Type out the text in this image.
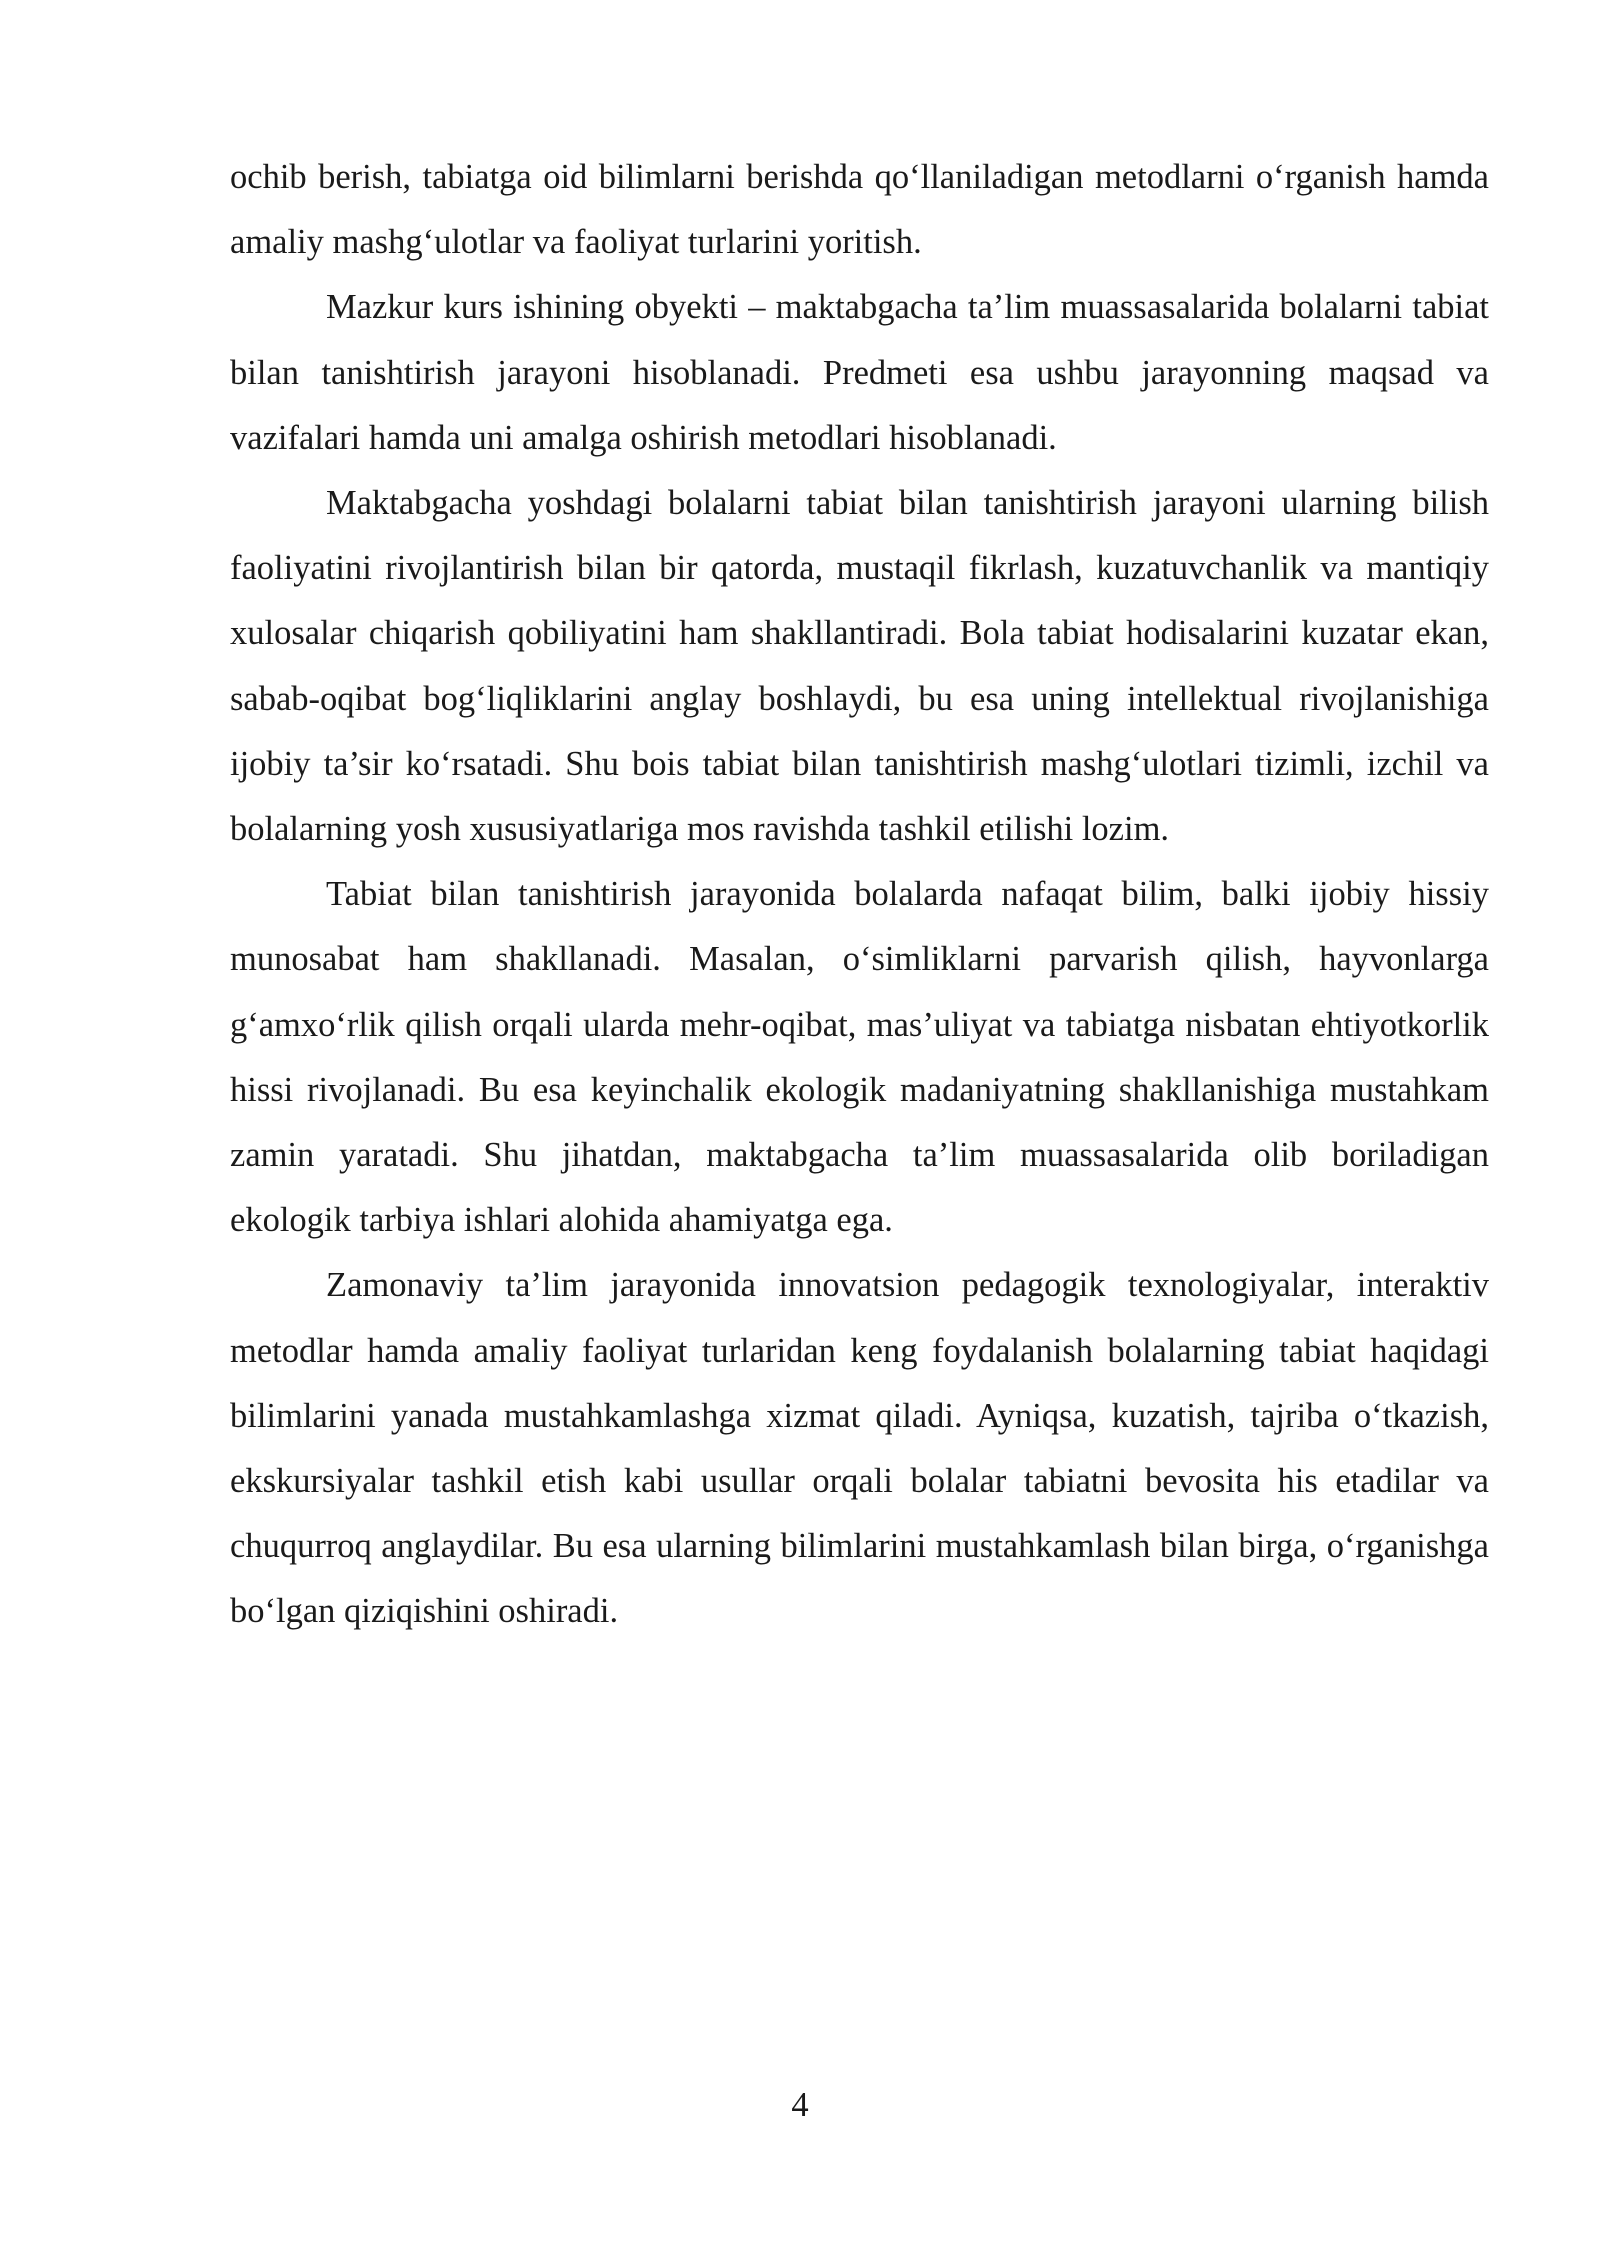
ochib berish, tabiatga oid bilimlarni berishda qo‘llaniladigan metodlarni o‘rganish hamda amaliy mashg‘ulotlar va faoliyat turlarini yoritish.

Mazkur kurs ishining obyekti – maktabgacha ta’lim muassasalarida bolalarni tabiat bilan tanishtirish jarayoni hisoblanadi. Predmeti esa ushbu jarayonning maqsad va vazifalari hamda uni amalga oshirish metodlari hisoblanadi.

Maktabgacha yoshdagi bolalarni tabiat bilan tanishtirish jarayoni ularning bilish faoliyatini rivojlantirish bilan bir qatorda, mustaqil fikrlash, kuzatuvchanlik va mantiqiy xulosalar chiqarish qobiliyatini ham shakllantiradi. Bola tabiat hodisalarini kuzatar ekan, sabab-oqibat bog‘liqliklarini anglay boshlaydi, bu esa uning intellektual rivojlanishiga ijobiy ta’sir ko‘rsatadi. Shu bois tabiat bilan tanishtirish mashg‘ulotlari tizimli, izchil va bolalarning yosh xususiyatlariga mos ravishda tashkil etilishi lozim.

Tabiat bilan tanishtirish jarayonida bolalarda nafaqat bilim, balki ijobiy hissiy munosabat ham shakllanadi. Masalan, o‘simliklarni parvarish qilish, hayvonlarga g‘amxo‘rlik qilish orqali ularda mehr-oqibat, mas’uliyat va tabiatga nisbatan ehtiyotkorlik hissi rivojlanadi. Bu esa keyinchalik ekologik madaniyatning shakllanishiga mustahkam zamin yaratadi. Shu jihatdan, maktabgacha ta’lim muassasalarida olib boriladigan ekologik tarbiya ishlari alohida ahamiyatga ega.

Zamonaviy ta’lim jarayonida innovatsion pedagogik texnologiyalar, interaktiv metodlar hamda amaliy faoliyat turlaridan keng foydalanish bolalarning tabiat haqidagi bilimlarini yanada mustahkamlashga xizmat qiladi. Ayniqsa, kuzatish, tajriba o‘tkazish, ekskursiyalar tashkil etish kabi usullar orqali bolalar tabiatni bevosita his etadilar va chuqurroq anglaydilar. Bu esa ularning bilimlarini mustahkamlash bilan birga, o‘rganishga bo‘lgan qiziqishini oshiradi.

4
